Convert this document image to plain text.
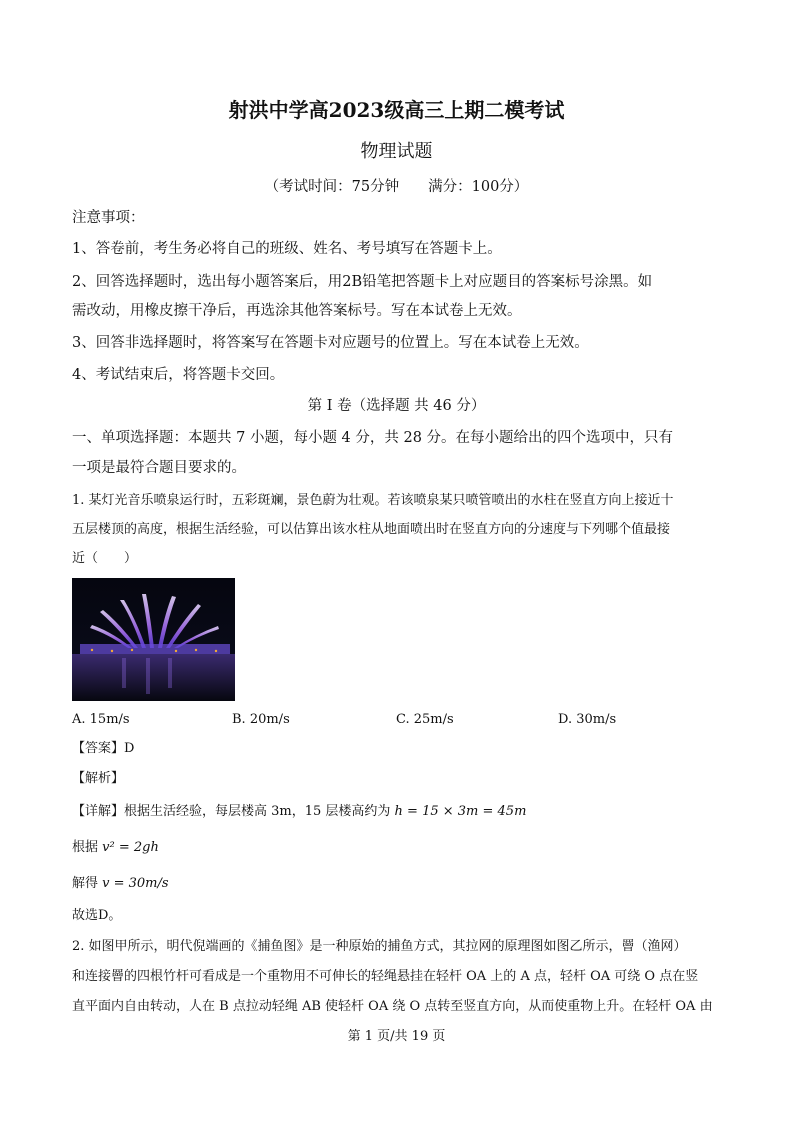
射洪中学高2023级高三上期二模考试
物理试题
（考试时间：75分钟　　满分：100分）
注意事项：
1、答卷前，考生务必将自己的班级、姓名、考号填写在答题卡上。
2、回答选择题时，选出每小题答案后，用2B铅笔把答题卡上对应题目的答案标号涂黑。如
需改动，用橡皮擦干净后，再选涂其他答案标号。写在本试卷上无效。
3、回答非选择题时，将答案写在答题卡对应题号的位置上。写在本试卷上无效。
4、考试结束后，将答题卡交回。
第 I 卷（选择题 共 46 分）
一、单项选择题：本题共 7 小题，每小题 4 分，共 28 分。在每小题给出的四个选项中，只有
一项是最符合题目要求的。
1. 某灯光音乐喷泉运行时，五彩斑斓，景色蔚为壮观。若该喷泉某只喷管喷出的水柱在竖直方向上接近十
五层楼顶的高度，根据生活经验，可以估算出该水柱从地面喷出时在竖直方向的分速度与下列哪个值最接
近（　　）
A. 15m/s	B. 20m/s	C. 25m/s	D. 30m/s
【答案】D
【解析】
【详解】根据生活经验，每层楼高 3m，15 层楼高约为 h = 15 × 3m = 45m
根据 v² = 2gh
解得 v = 30m/s
故选D。
2. 如图甲所示，明代倪端画的《捕鱼图》是一种原始的捕鱼方式，其拉网的原理图如图乙所示，罾（渔网）
和连接罾的四根竹杆可看成是一个重物用不可伸长的轻绳悬挂在轻杆 OA 上的 A 点，轻杆 OA 可绕 O 点在竖
直平面内自由转动，人在 B 点拉动轻绳 AB 使轻杆 OA 绕 O 点转至竖直方向，从而使重物上升。在轻杆 OA 由
第 1 页/共 19 页
